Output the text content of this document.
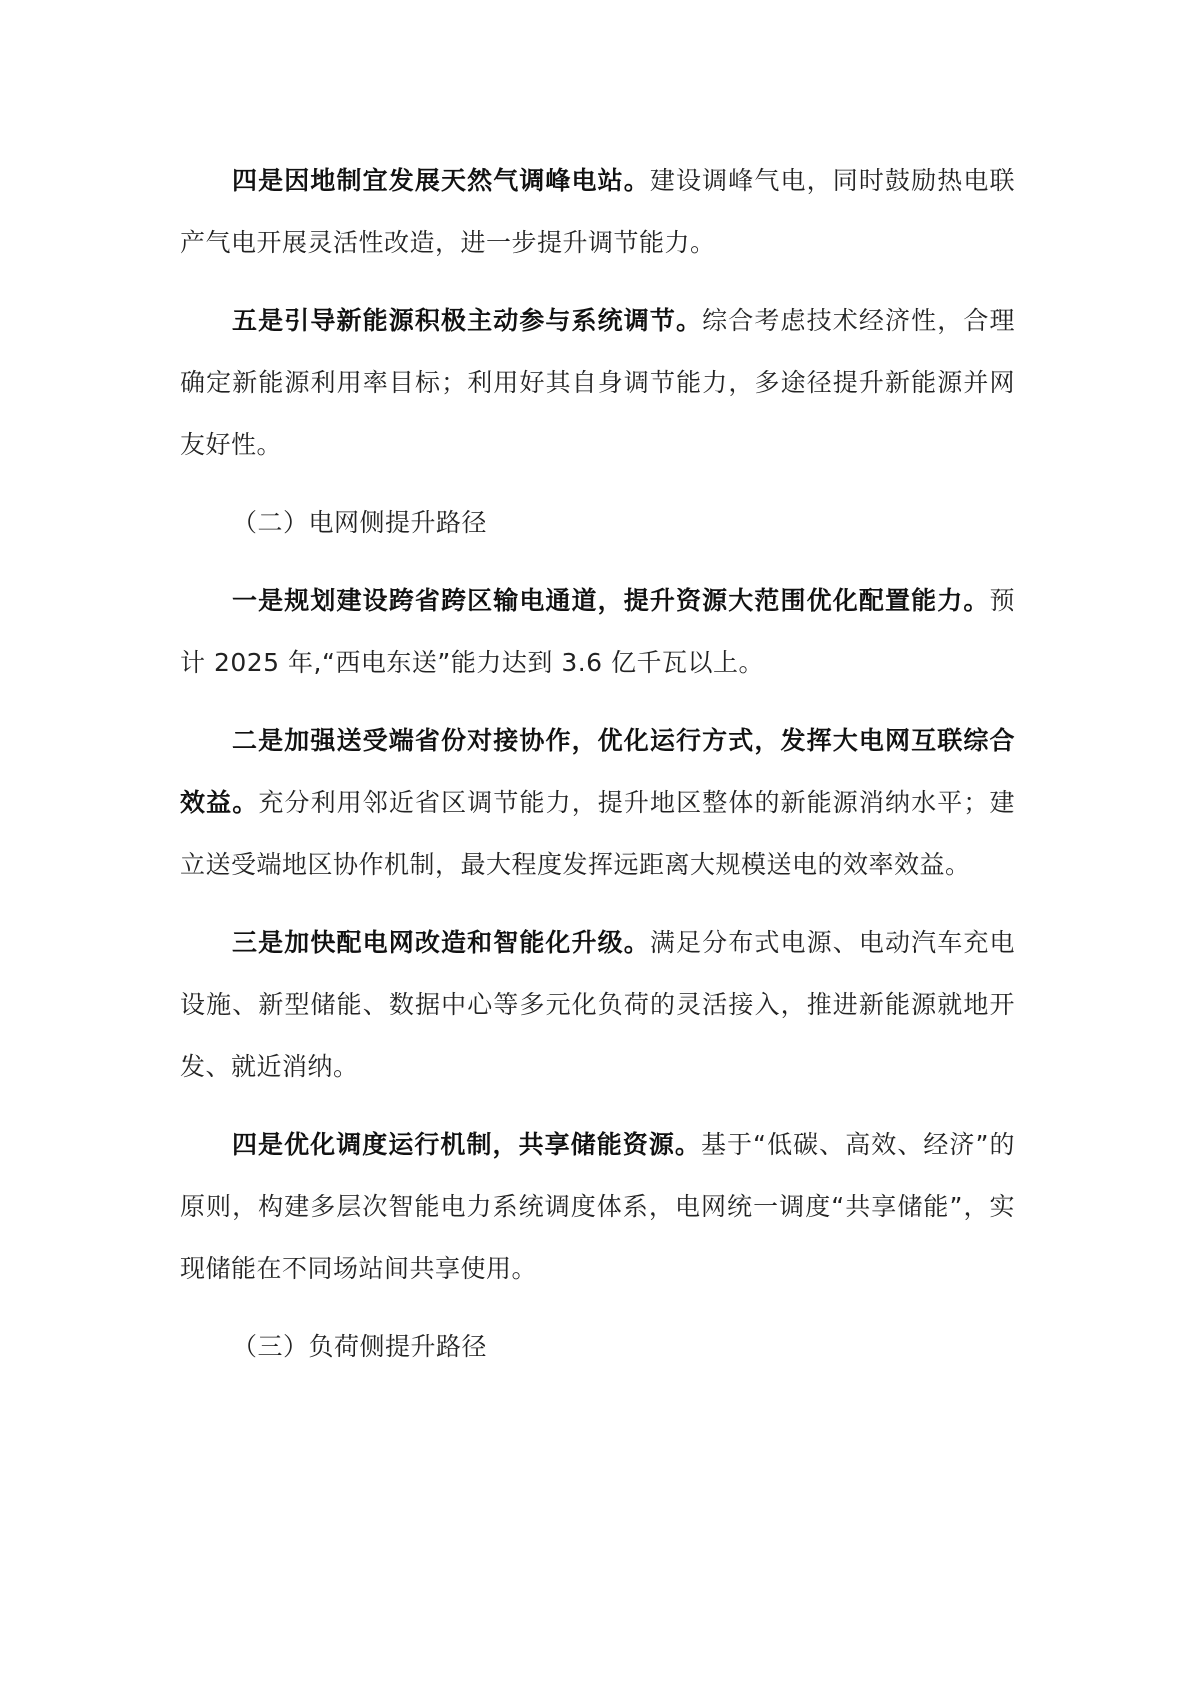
四是因地制宜发展天然气调峰电站。建设调峰气电，同时鼓励热电联产气电开展灵活性改造，进一步提升调节能力。

五是引导新能源积极主动参与系统调节。综合考虑技术经济性，合理确定新能源利用率目标；利用好其自身调节能力，多途径提升新能源并网友好性。

（二）电网侧提升路径

一是规划建设跨省跨区输电通道，提升资源大范围优化配置能力。预计 2025 年,“西电东送”能力达到 3.6 亿千瓦以上。

二是加强送受端省份对接协作，优化运行方式，发挥大电网互联综合效益。充分利用邻近省区调节能力，提升地区整体的新能源消纳水平；建立送受端地区协作机制，最大程度发挥远距离大规模送电的效率效益。

三是加快配电网改造和智能化升级。满足分布式电源、电动汽车充电设施、新型储能、数据中心等多元化负荷的灵活接入，推进新能源就地开发、就近消纳。

四是优化调度运行机制，共享储能资源。基于“低碳、高效、经济”的原则，构建多层次智能电力系统调度体系，电网统一调度“共享储能”，实现储能在不同场站间共享使用。

（三）负荷侧提升路径
